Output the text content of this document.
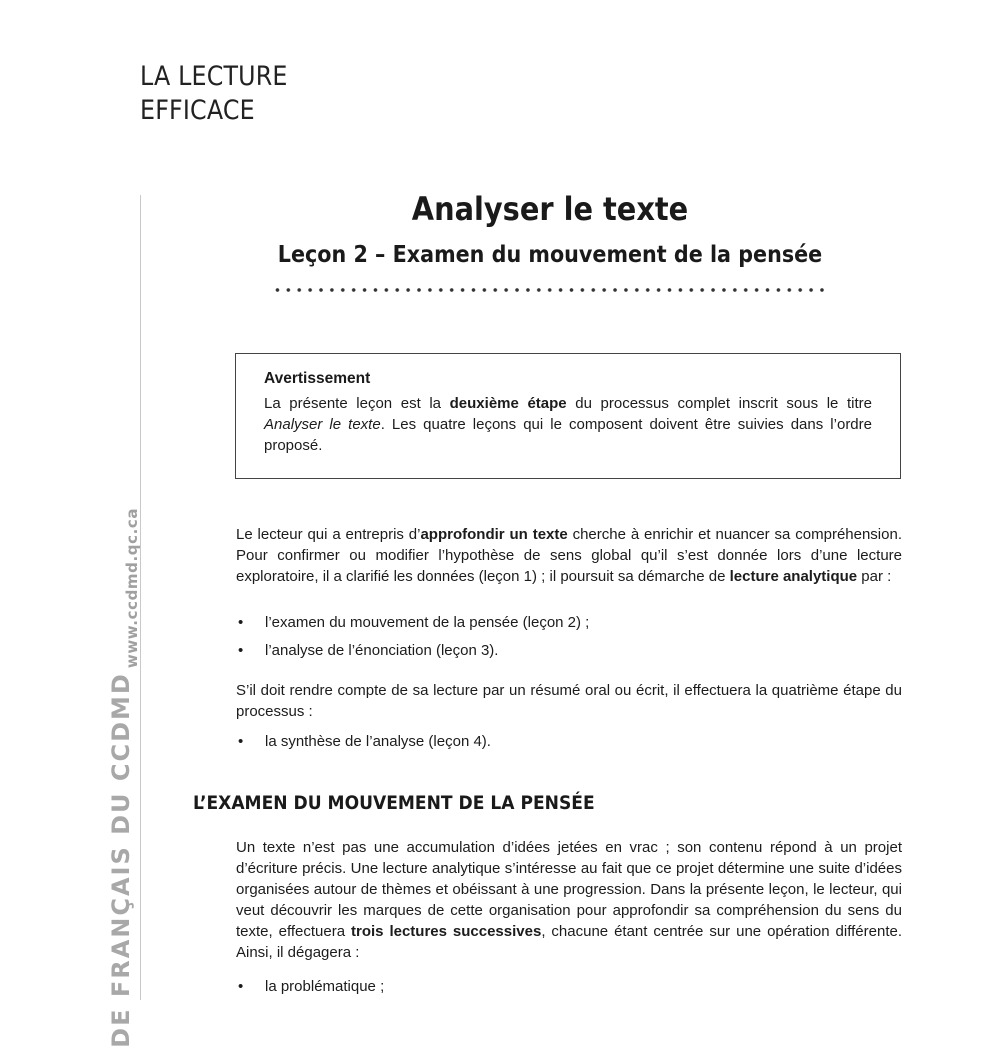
LA LECTURE
EFFICACE
www.ccdmd.qc.ca
DE FRANÇAIS DU CCDMD
Analyser le texte
Leçon 2 – Examen du mouvement de la pensée
Avertissement
La présente leçon est la deuxième étape du processus complet inscrit sous le titre Analyser le texte. Les quatre leçons qui le composent doivent être suivies dans l’ordre proposé.
Le lecteur qui a entrepris d’approfondir un texte cherche à enrichir et nuancer sa compréhension. Pour confirmer ou modifier l’hypothèse de sens global qu’il s’est donnée lors d’une lecture exploratoire, il a clarifié les données (leçon 1) ; il poursuit sa démarche de lecture analytique par :
• l’examen du mouvement de la pensée (leçon 2) ;
• l’analyse de l’énonciation (leçon 3).
S’il doit rendre compte de sa lecture par un résumé oral ou écrit, il effectuera la quatrième étape du processus :
• la synthèse de l’analyse (leçon 4).
L’EXAMEN DU MOUVEMENT DE LA PENSÉE
Un texte n’est pas une accumulation d’idées jetées en vrac ; son contenu répond à un projet d’écriture précis. Une lecture analytique s’intéresse au fait que ce projet détermine une suite d’idées organisées autour de thèmes et obéissant à une progression. Dans la présente leçon, le lecteur, qui veut découvrir les marques de cette organisation pour approfondir sa compréhension du sens du texte, effectuera trois lectures successives, chacune étant centrée sur une opération différente. Ainsi, il dégagera :
• la problématique ;
